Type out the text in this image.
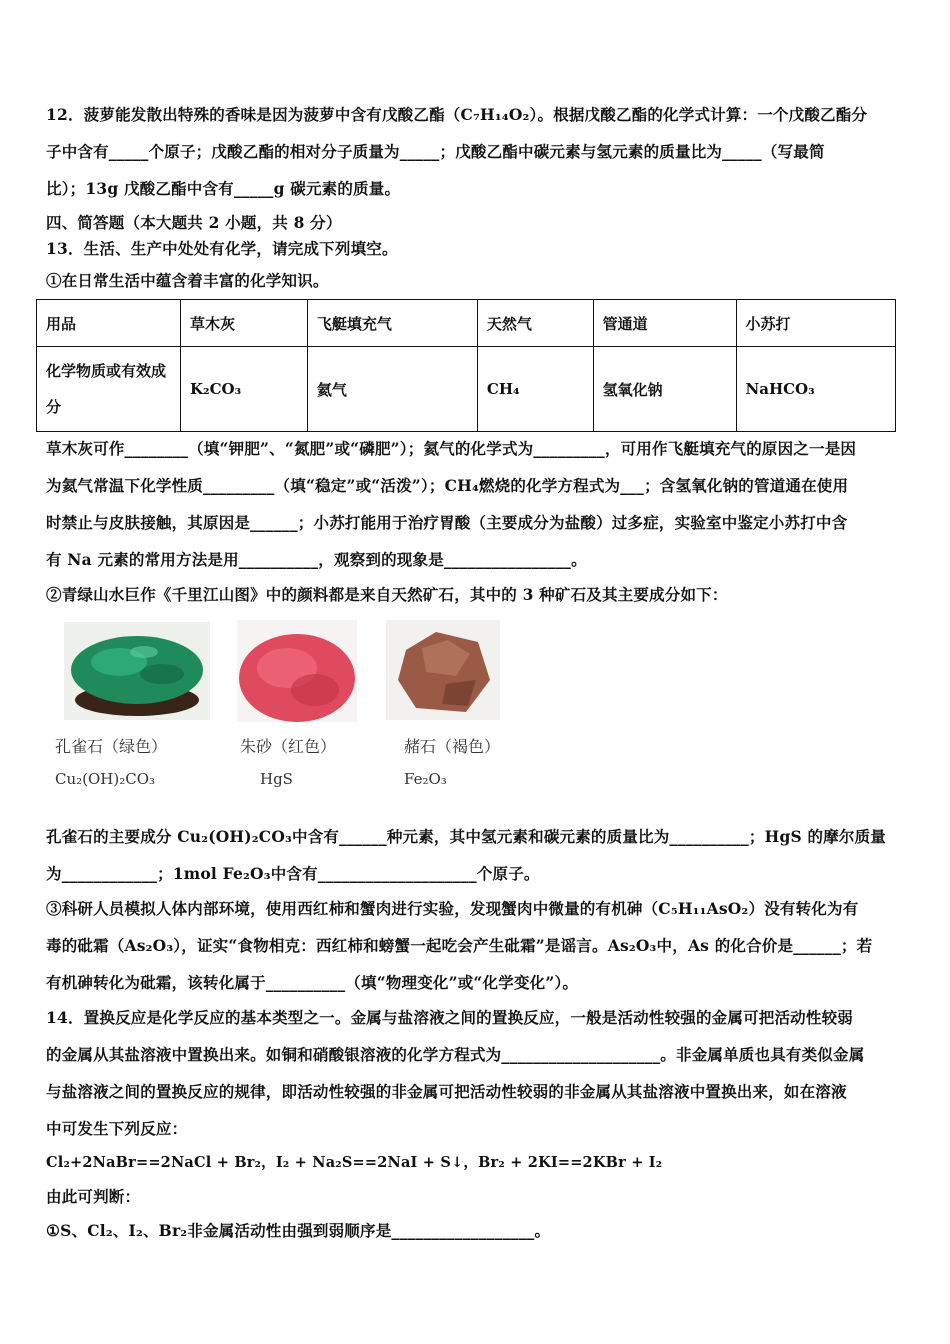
12．菠萝能发散出特殊的香味是因为菠萝中含有戊酸乙酯（C₇H₁₄O₂）。根据戊酸乙酯的化学式计算：一个戊酸乙酯分
子中含有_____个原子；戊酸乙酯的相对分子质量为_____；戊酸乙酯中碳元素与氢元素的质量比为_____（写最简
比）；13g 戊酸乙酯中含有_____g 碳元素的质量。
四、简答题（本大题共 2 小题，共 8 分）
13．生活、生产中处处有化学，请完成下列填空。
①在日常生活中蕴含着丰富的化学知识。
用品	草木灰	飞艇填充气	天然气	管通道	小苏打
化学物质或有效成分	K₂CO₃	氦气	CH₄	氢氧化钠	NaHCO₃
草木灰可作________（填“钾肥”、“氮肥”或“磷肥”）；氦气的化学式为_________，可用作飞艇填充气的原因之一是因
为氦气常温下化学性质_________（填“稳定”或“活泼”）；CH₄燃烧的化学方程式为___；含氢氧化钠的管道通在使用
时禁止与皮肤接触，其原因是______；小苏打能用于治疗胃酸（主要成分为盐酸）过多症，实验室中鉴定小苏打中含
有 Na 元素的常用方法是用__________，观察到的现象是________________。
②青绿山水巨作《千里江山图》中的颜料都是来自天然矿石，其中的 3 种矿石及其主要成分如下：
孔雀石（绿色）	朱砂（红色）	赭石（褐色）
Cu₂(OH)₂CO₃	HgS	Fe₂O₃
孔雀石的主要成分 Cu₂(OH)₂CO₃中含有______种元素，其中氢元素和碳元素的质量比为__________；HgS 的摩尔质量
为____________；1mol Fe₂O₃中含有____________________个原子。
③科研人员模拟人体内部环境，使用西红柿和蟹肉进行实验，发现蟹肉中微量的有机砷（C₅H₁₁AsO₂）没有转化为有
毒的砒霜（As₂O₃），证实“食物相克：西红柿和螃蟹一起吃会产生砒霜”是谣言。As₂O₃中，As 的化合价是______；若
有机砷转化为砒霜，该转化属于__________（填“物理变化”或“化学变化”）。
14．置换反应是化学反应的基本类型之一。金属与盐溶液之间的置换反应，一般是活动性较强的金属可把活动性较弱
的金属从其盐溶液中置换出来。如铜和硝酸银溶液的化学方程式为____________________。非金属单质也具有类似金属
与盐溶液之间的置换反应的规律，即活动性较强的非金属可把活动性较弱的非金属从其盐溶液中置换出来，如在溶液
中可发生下列反应：
Cl₂+2NaBr==2NaCl + Br₂，I₂ + Na₂S==2NaI + S↓，Br₂ + 2KI==2KBr + I₂
由此可判断：
①S、Cl₂、I₂、Br₂非金属活动性由强到弱顺序是__________________。
